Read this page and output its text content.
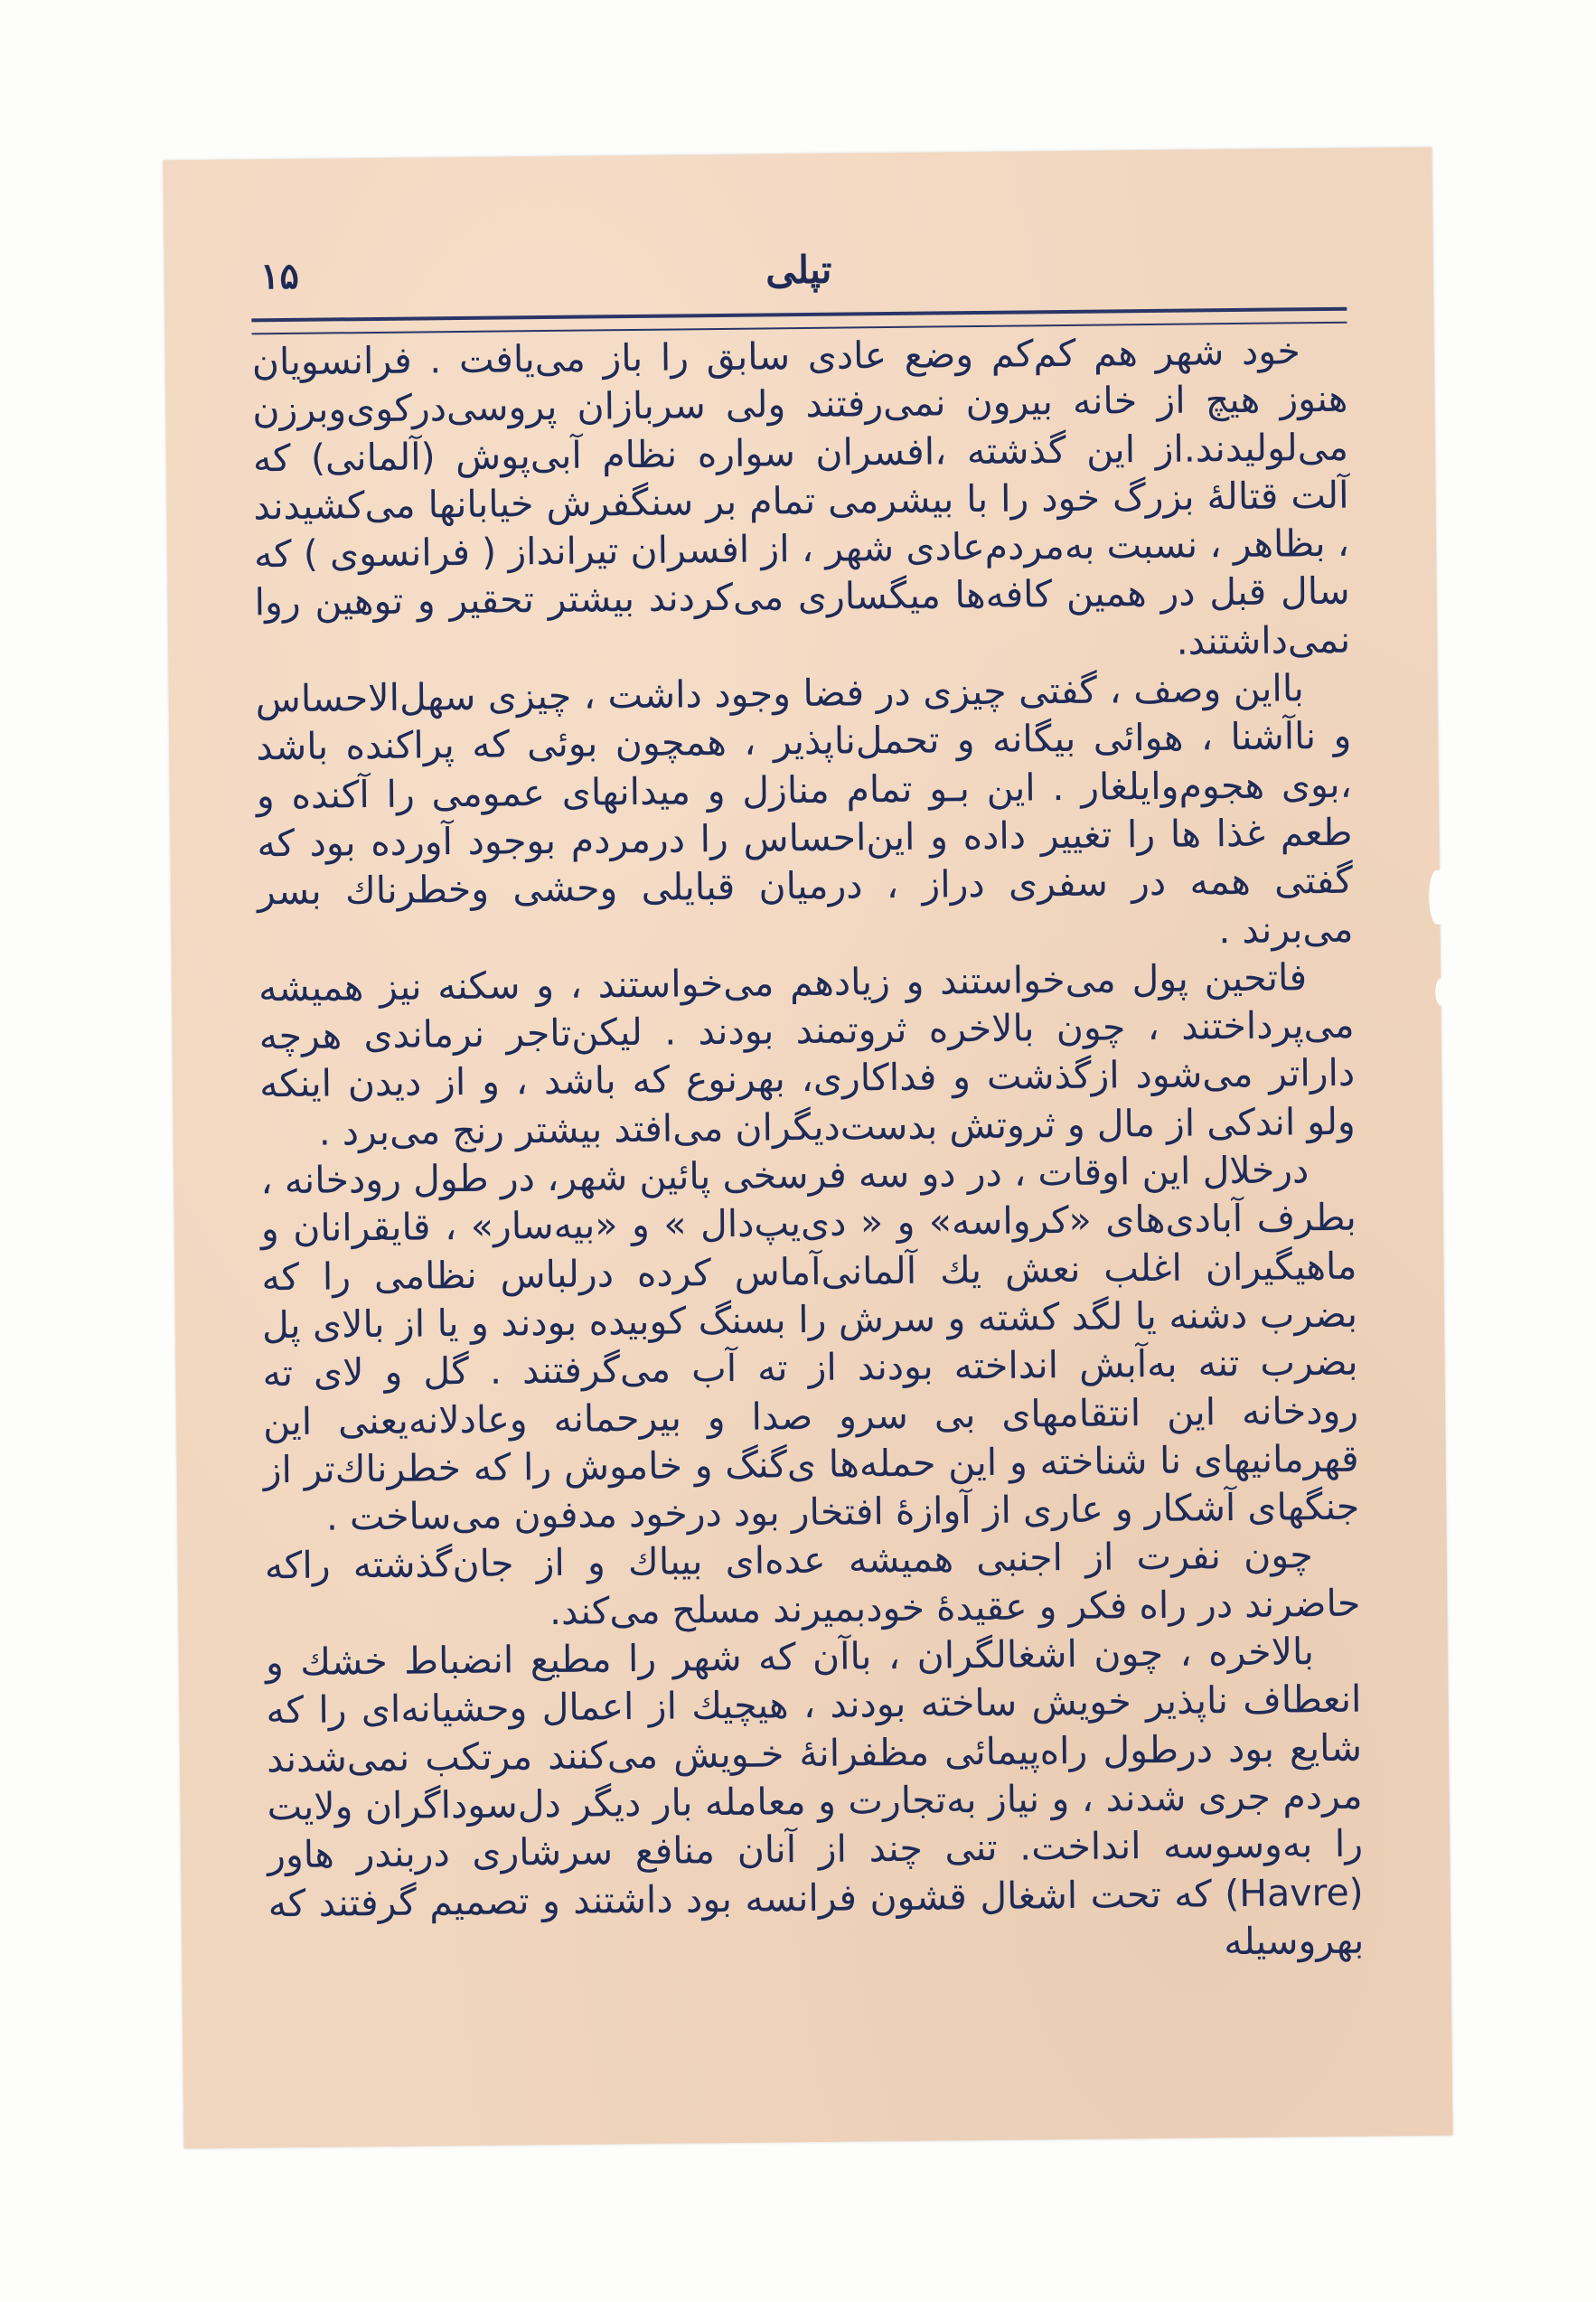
۱۵	تپلی

خود شهر هم کم‌کم وضع عادی سابق را باز می‌یافت . فرانسویان هنوز هیچ از خانه بیرون نمی‌رفتند ولی سربازان پروسی‌درکوی‌وبرزن می‌لولیدند.از این گذشته ،افسران سواره نظام آبی‌پوش (آلمانی) که آلت قتالهٔ بزرگ خود را با بیشرمی تمام بر سنگفرش خیابانها می‌کشیدند ، بظاهر ، نسبت به‌مردم‌عادی شهر ، از افسران تیرانداز ( فرانسوی ) که سال قبل در همین کافه‌ها میگساری می‌کردند بیشتر تحقیر و توهین روا نمی‌داشتند.

بااین وصف ، گفتی چیزی در فضا وجود داشت ، چیزی سهل‌الاحساس و ناآشنا ، هوائی بیگانه و تحمل‌ناپذیر ، همچون بوئی که پراکنده باشد ،بوی هجوم‌وایلغار . این بـو تمام منازل و میدانهای عمومی را آکنده و طعم غذا ها را تغییر داده و این‌احساس را درمردم بوجود آورده بود که گفتی همه در سفری دراز ، درمیان قبایلی وحشی وخطرناك بسر می‌برند .

فاتحین پول می‌خواستند و زیادهم می‌خواستند ، و سکنه نیز همیشه می‌پرداختند ، چون بالاخره ثروتمند بودند . لیکن‌تاجر نرماندی هرچه داراتر می‌شود ازگذشت و فداکاری، بهرنوع که باشد ، و از دیدن اینکه ولو اندکی از مال و ثروتش بدست‌دیگران می‌افتد بیشتر رنج می‌برد .

درخلال این اوقات ، در دو سه فرسخی پائین شهر، در طول رودخانه ، بطرف آبادی‌های «کرواسه» و « دی‌یپ‌دال » و «بیه‌سار» ، قایقرانان و ماهیگیران اغلب نعش یك آلمانی‌آماس کرده درلباس نظامی را که بضرب دشنه یا لگد کشته و سرش را بسنگ کوبیده بودند و یا از بالای پل بضرب تنه به‌آبش انداخته بودند از ته آب می‌گرفتند . گل و لای ته رودخانه این انتقامهای بی سرو صدا و بیرحمانه وعادلانه‌یعنی این قهرمانیهای نا شناخته و این حمله‌ها ی‌گنگ و خاموش را که خطرناك‌تر از جنگهای آشکار و عاری از آوازهٔ افتخار بود درخود مدفون می‌ساخت .

چون نفرت از اجنبی همیشه عده‌ای بیباك و از جان‌گذشته راکه حاضرند در راه فکر و عقیدهٔ خودبمیرند مسلح می‌کند.

بالاخره ، چون اشغالگران ، باآن که شهر را مطیع انضباط خشك و انعطاف ناپذیر خویش ساخته بودند ، هیچیك از اعمال وحشیانه‌ای را که شایع بود درطول راه‌پیمائی مظفرانهٔ خـویش می‌کنند مرتکب نمی‌شدند مردم جری شدند ، و نیاز به‌تجارت و معامله بار دیگر دل‌سوداگران ولایت را به‌وسوسه انداخت. تنی چند از آنان منافع سرشاری دربندر هاور (Havre) که تحت اشغال قشون فرانسه بود داشتند و تصمیم گرفتند که بهروسیله
